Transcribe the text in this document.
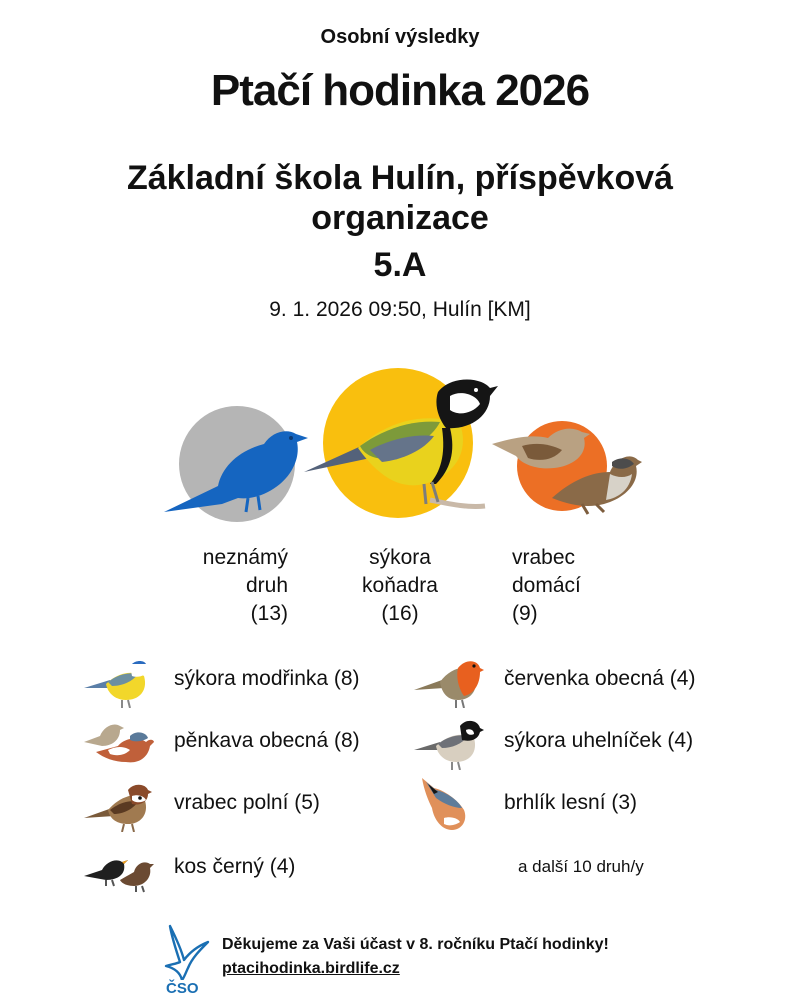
Osobní výsledky
Ptačí hodinka 2026
Základní škola Hulín, příspěvková
organizace
5.A
9. 1. 2026 09:50, Hulín [KM]
neznámý
druh
(13)
sýkora
koňadra
(16)
vrabec
domácí
(9)
sýkora modřinka (8)	červenka obecná (4)
pěnkava obecná (8)	sýkora uhelníček (4)
vrabec polní (5)	brhlík lesní (3)
kos černý (4)	a další 10 druh/y
ČSO
Děkujeme za Vaši účast v 8. ročníku Ptačí hodinky!
ptacihodinka.birdlife.cz
